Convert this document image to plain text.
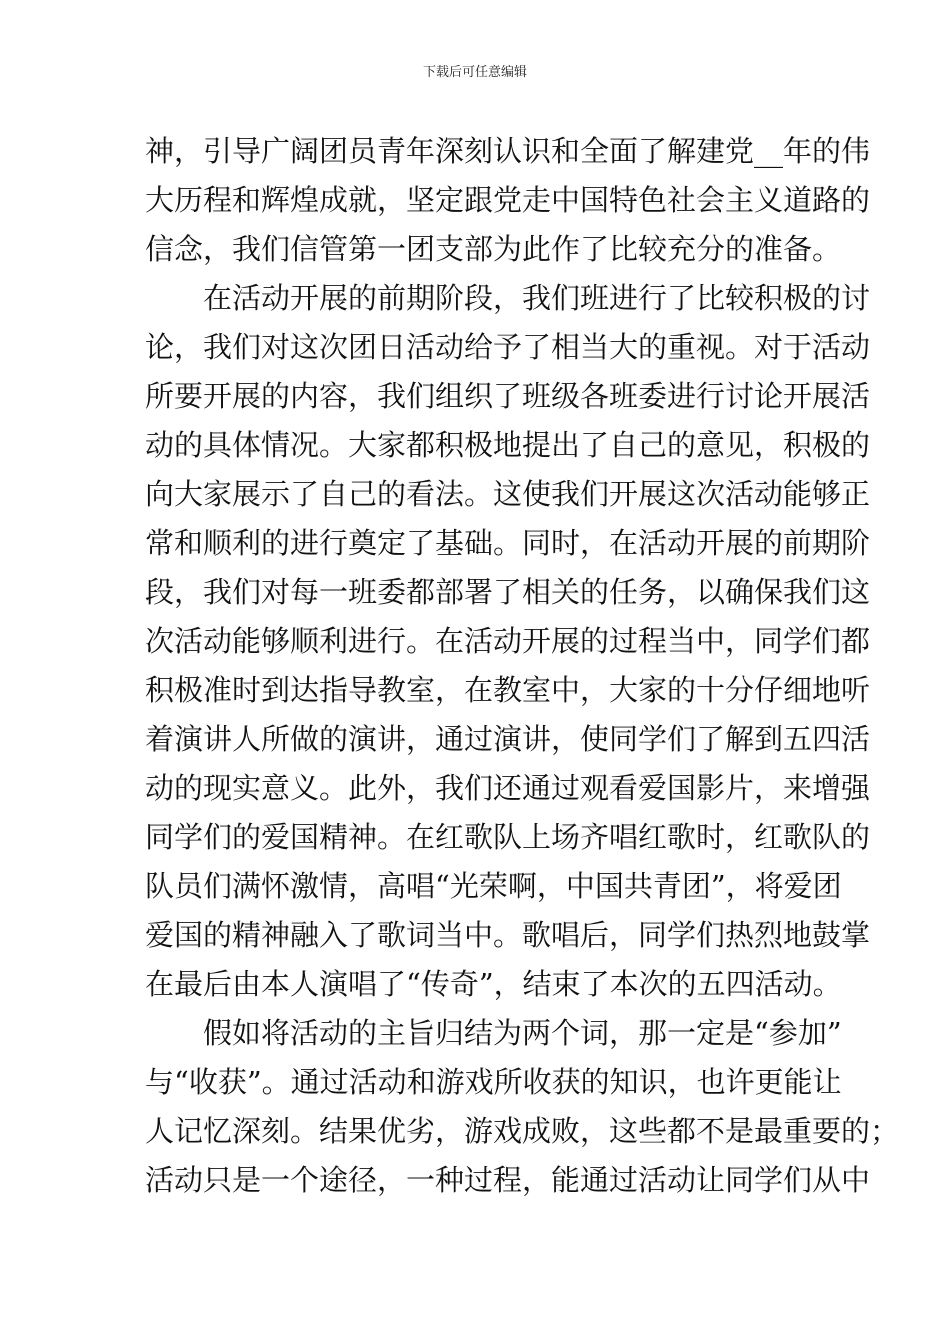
下载后可任意编辑
神，引导广阔团员青年深刻认识和全面了解建党__年的伟
大历程和辉煌成就，坚定跟党走中国特色社会主义道路的
信念，我们信管第一团支部为此作了比较充分的准备。
在活动开展的前期阶段，我们班进行了比较积极的讨
论，我们对这次团日活动给予了相当大的重视。对于活动
所要开展的内容，我们组织了班级各班委进行讨论开展活
动的具体情况。大家都积极地提出了自己的意见，积极的
向大家展示了自己的看法。这使我们开展这次活动能够正
常和顺利的进行奠定了基础。同时，在活动开展的前期阶
段，我们对每一班委都部署了相关的任务，以确保我们这
次活动能够顺利进行。在活动开展的过程当中，同学们都
积极准时到达指导教室，在教室中，大家的十分仔细地听
着演讲人所做的演讲，通过演讲，使同学们了解到五四活
动的现实意义。此外，我们还通过观看爱国影片，来增强
同学们的爱国精神。在红歌队上场齐唱红歌时，红歌队的
队员们满怀激情，高唱“光荣啊，中国共青团”，将爱团
爱国的精神融入了歌词当中。歌唱后，同学们热烈地鼓掌
在最后由本人演唱了“传奇”，结束了本次的五四活动。
假如将活动的主旨归结为两个词，那一定是“参加”
与“收获”。通过活动和游戏所收获的知识，也许更能让
人记忆深刻。结果优劣，游戏成败，这些都不是最重要的；
活动只是一个途径，一种过程，能通过活动让同学们从中
